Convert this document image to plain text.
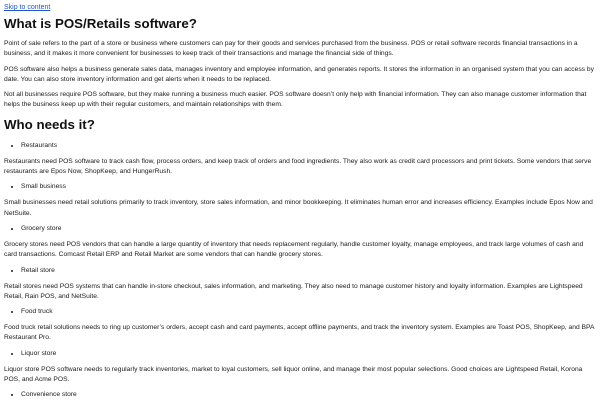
Skip to content
What is POS/Retails software?

Point of sale refers to the part of a store or business where customers can pay for their goods and services purchased from the business. POS or retail software records financial transactions in a business, and it makes it more convenient for businesses to keep track of their transactions and manage the financial side of things.

POS software also helps a business generate sales data, manages inventory and employee information, and generates reports. It stores the information in an organised system that you can access by date. You can also store inventory information and get alerts when it needs to be replaced.

Not all businesses require POS software, but they make running a business much easier. POS software doesn’t only help with financial information. They can also manage customer information that helps the business keep up with their regular customers, and maintain relationships with them.

Who needs it?
• Restaurants

Restaurants need POS software to track cash flow, process orders, and keep track of orders and food ingredients. They also work as credit card processors and print tickets. Some vendors that serve restaurants are Epos Now, ShopKeep, and HungerRush.

• Small business

Small businesses need retail solutions primarily to track inventory, store sales information, and minor bookkeeping. It eliminates human error and increases efficiency. Examples include Epos Now and NetSuite.

• Grocery store

Grocery stores need POS vendors that can handle a large quantity of inventory that needs replacement regularly, handle customer loyalty, manage employees, and track large volumes of cash and card transactions. Comcast Retail ERP and Retail Market are some vendors that can handle grocery stores.

• Retail store

Retail stores need POS systems that can handle in-store checkout, sales information, and marketing. They also need to manage customer history and loyalty information. Examples are Lightspeed Retail, Rain POS, and NetSuite.

• Food truck

Food truck retail solutions needs to ring up customer’s orders, accept cash and card payments, accept offline payments, and track the inventory system. Examples are Toast POS, ShopKeep, and BPA Restaurant Pro.

• Liquor store

Liquor store POS software needs to regularly track inventories, market to loyal customers, sell liquor online, and manage their most popular selections. Good choices are Lightspeed Retail, Korona POS, and Acme POS.

• Convenience store
